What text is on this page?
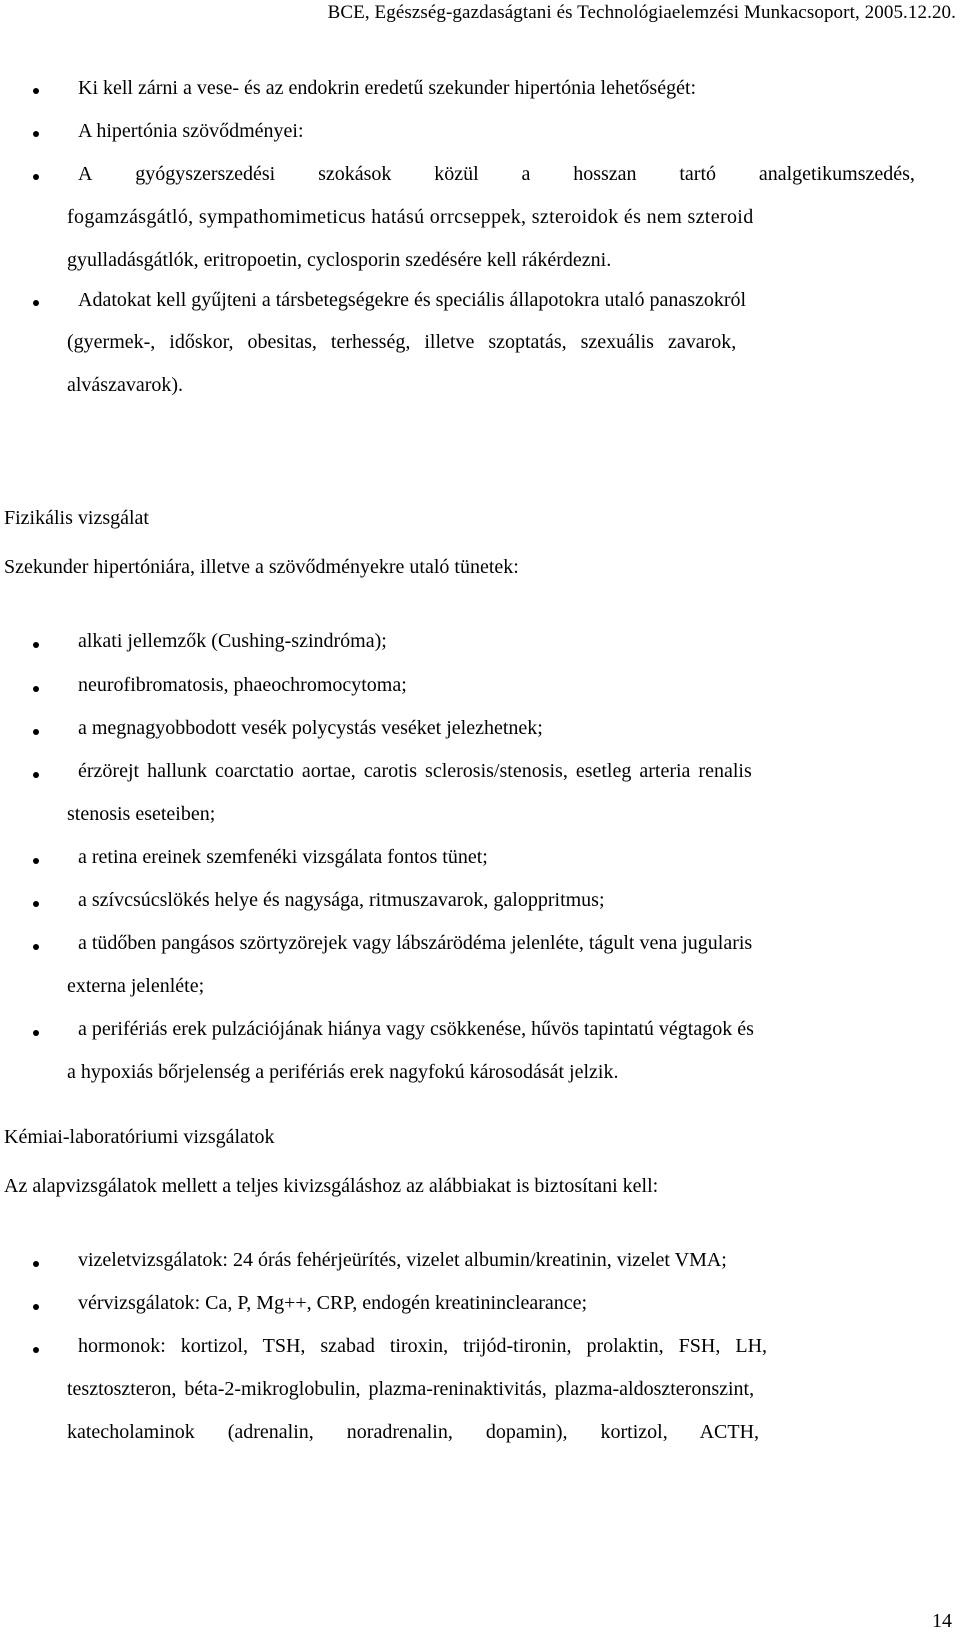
BCE, Egészség-gazdaságtani és Technológiaelemzési Munkacsoport, 2005.12.20.
Ki kell zárni a vese- és az endokrin eredetű szekunder hipertónia lehetőségét:
A hipertónia szövődményei:
A gyógyszerszedési szokások közül a hosszan tartó analgetikumszedés,
fogamzásgátló, sympathomimeticus hatású orrcseppek, szteroidok és nem szteroid
gyulladásgátlók, eritropoetin, cyclosporin szedésére kell rákérdezni.
Adatokat kell gyűjteni a társbetegségekre és speciális állapotokra utaló panaszokról
(gyermek-, időskor, obesitas, terhesség, illetve szoptatás, szexuális zavarok,
alvászavarok).
Fizikális vizsgálat
Szekunder hipertóniára, illetve a szövődményekre utaló tünetek:
alkati jellemzők (Cushing-szindróma);
neurofibromatosis, phaeochromocytoma;
a megnagyobbodott vesék polycystás veséket jelezhetnek;
érzörejt hallunk coarctatio aortae, carotis sclerosis/stenosis, esetleg arteria renalis
stenosis eseteiben;
a retina ereinek szemfenéki vizsgálata fontos tünet;
a szívcsúcslökés helye és nagysága, ritmuszavarok, galoppritmus;
a tüdőben pangásos szörtyzörejek vagy lábszárödéma jelenléte, tágult vena jugularis
externa jelenléte;
a perifériás erek pulzációjának hiánya vagy csökkenése, hűvös tapintatú végtagok és
a hypoxiás bőrjelenség a perifériás erek nagyfokú károsodását jelzik.
Kémiai-laboratóriumi vizsgálatok
Az alapvizsgálatok mellett a teljes kivizsgáláshoz az alábbiakat is biztosítani kell:
vizeletvizsgálatok: 24 órás fehérjeürítés, vizelet albumin/kreatinin, vizelet VMA;
vérvizsgálatok: Ca, P, Mg++, CRP, endogén kreatininclearance;
hormonok: kortizol, TSH, szabad tiroxin, trijód-tironin, prolaktin, FSH, LH,
tesztoszteron, béta-2-mikroglobulin, plazma-reninaktivitás, plazma-aldoszteronszint,
katecholaminok (adrenalin, noradrenalin, dopamin), kortizol, ACTH,
14
